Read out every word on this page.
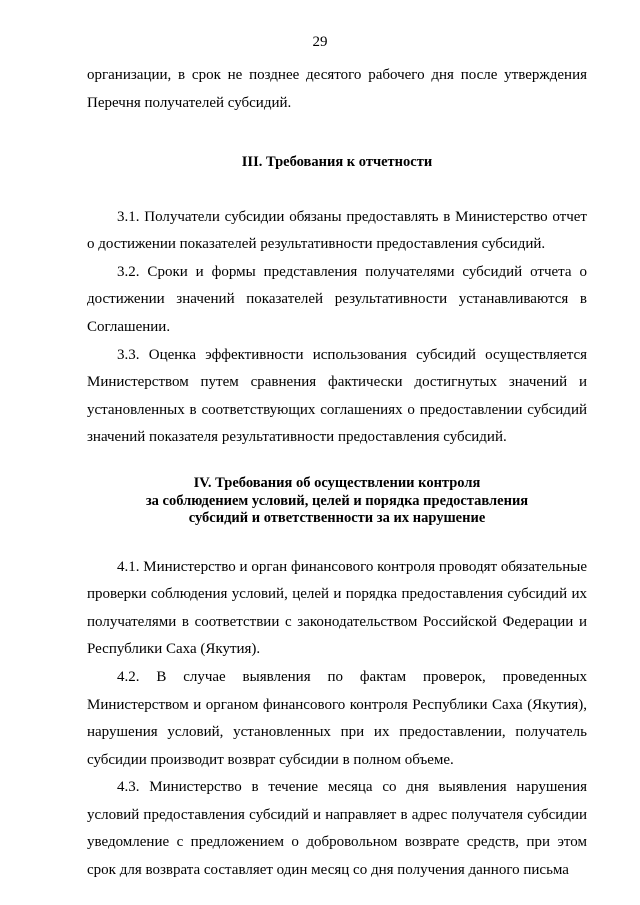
29

организации, в срок не позднее десятого рабочего дня после утверждения Перечня получателей субсидий.

III. Требования к отчетности

3.1. Получатели субсидии обязаны предоставлять в Министерство отчет о достижении показателей результативности предоставления субсидий.

3.2. Сроки и формы представления получателями субсидий отчета о достижении значений показателей результативности устанавливаются в Соглашении.

3.3. Оценка эффективности использования субсидий осуществляется Министерством путем сравнения фактически достигнутых значений и установленных в соответствующих соглашениях о предоставлении субсидий значений показателя результативности предоставления субсидий.

IV. Требования об осуществлении контроля
за соблюдением условий, целей и порядка предоставления
субсидий и ответственности за их нарушение

4.1. Министерство и орган финансового контроля проводят обязательные проверки соблюдения условий, целей и порядка предоставления субсидий их получателями в соответствии с законодательством Российской Федерации и Республики Саха (Якутия).

4.2. В случае выявления по фактам проверок, проведенных Министерством и органом финансового контроля Республики Саха (Якутия), нарушения условий, установленных при их предоставлении, получатель субсидии производит возврат субсидии в полном объеме.

4.3. Министерство в течение месяца со дня выявления нарушения условий предоставления субсидий и направляет в адрес получателя субсидии уведомление с предложением о добровольном возврате средств, при этом срок для возврата составляет один месяц со дня получения данного письма
